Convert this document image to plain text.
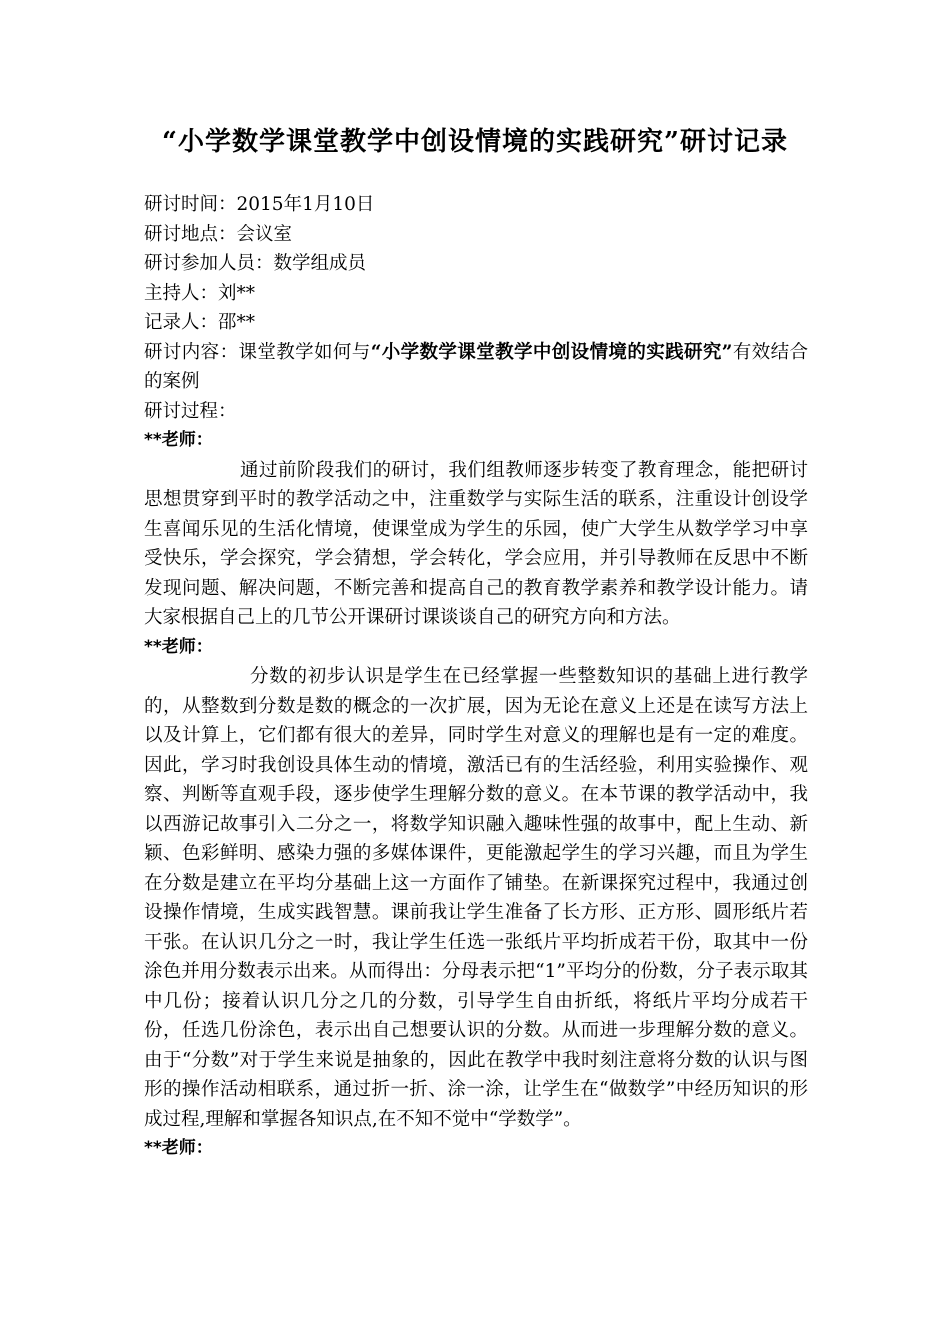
“小学数学课堂教学中创设情境的实践研究”研讨记录

研讨时间：2015年1月10日

研讨地点：会议室

研讨参加人员：数学组成员

主持人：刘**

记录人：邵**

研讨内容：课堂教学如何与“小学数学课堂教学中创设情境的实践研究”有效结合的案例

研讨过程：

**老师：

通过前阶段我们的研讨，我们组教师逐步转变了教育理念，能把研讨思想贯穿到平时的教学活动之中，注重数学与实际生活的联系，注重设计创设学生喜闻乐见的生活化情境，使课堂成为学生的乐园，使广大学生从数学学习中享受快乐，学会探究，学会猜想，学会转化，学会应用，并引导教师在反思中不断发现问题、解决问题，不断完善和提高自己的教育教学素养和教学设计能力。请大家根据自己上的几节公开课研讨课谈谈自己的研究方向和方法。

**老师：

分数的初步认识是学生在已经掌握一些整数知识的基础上进行教学的，从整数到分数是数的概念的一次扩展，因为无论在意义上还是在读写方法上以及计算上，它们都有很大的差异，同时学生对意义的理解也是有一定的难度。因此，学习时我创设具体生动的情境，激活已有的生活经验，利用实验操作、观察、判断等直观手段，逐步使学生理解分数的意义。在本节课的教学活动中，我以西游记故事引入二分之一，将数学知识融入趣味性强的故事中，配上生动、新颖、色彩鲜明、感染力强的多媒体课件，更能激起学生的学习兴趣，而且为学生在分数是建立在平均分基础上这一方面作了铺垫。在新课探究过程中，我通过创设操作情境，生成实践智慧。课前我让学生准备了长方形、正方形、圆形纸片若干张。在认识几分之一时，我让学生任选一张纸片平均折成若干份，取其中一份涂色并用分数表示出来。从而得出：分母表示把“1”平均分的份数，分子表示取其中几份；接着认识几分之几的分数，引导学生自由折纸，将纸片平均分成若干份，任选几份涂色，表示出自己想要认识的分数。从而进一步理解分数的意义。由于“分数”对于学生来说是抽象的，因此在教学中我时刻注意将分数的认识与图形的操作活动相联系，通过折一折、涂一涂，让学生在“做数学”中经历知识的形成过程,理解和掌握各知识点,在不知不觉中“学数学”。

**老师：
